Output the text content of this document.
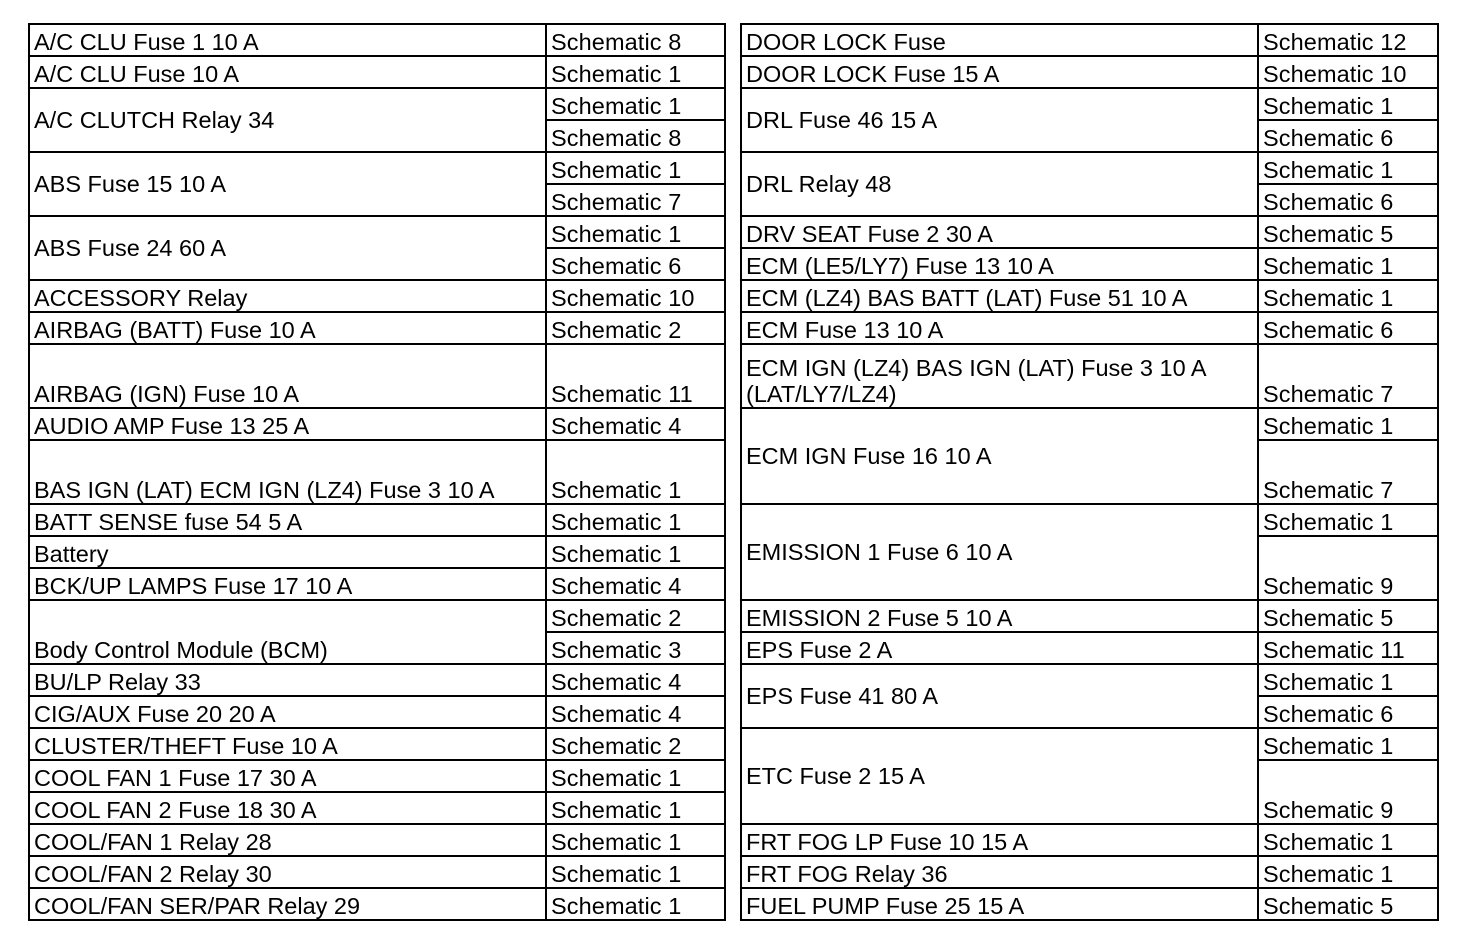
A/C CLU Fuse 1 10 A	Schematic 8
A/C CLU Fuse 10 A	Schematic 1
A/C CLUTCH Relay 34	Schematic 1
	Schematic 8
ABS Fuse 15 10 A	Schematic 1
	Schematic 7
ABS Fuse 24 60 A	Schematic 1
	Schematic 6
ACCESSORY Relay	Schematic 10
AIRBAG (BATT) Fuse 10 A	Schematic 2
AIRBAG (IGN) Fuse 10 A	Schematic 11
AUDIO AMP Fuse 13 25 A	Schematic 4
BAS IGN (LAT) ECM IGN (LZ4) Fuse 3 10 A	Schematic 1
BATT SENSE fuse 54 5 A	Schematic 1
Battery	Schematic 1
BCK/UP LAMPS Fuse 17 10 A	Schematic 4
Body Control Module (BCM)	Schematic 2
	Schematic 3
BU/LP Relay 33	Schematic 4
CIG/AUX Fuse 20 20 A	Schematic 4
CLUSTER/THEFT Fuse 10 A	Schematic 2
COOL FAN 1 Fuse 17 30 A	Schematic 1
COOL FAN 2 Fuse 18 30 A	Schematic 1
COOL/FAN 1 Relay 28	Schematic 1
COOL/FAN 2 Relay 30	Schematic 1
COOL/FAN SER/PAR Relay 29	Schematic 1
DOOR LOCK Fuse	Schematic 12
DOOR LOCK Fuse 15 A	Schematic 10
DRL Fuse 46 15 A	Schematic 1
	Schematic 6
DRL Relay 48	Schematic 1
	Schematic 6
DRV SEAT Fuse 2 30 A	Schematic 5
ECM (LE5/LY7) Fuse 13 10 A	Schematic 1
ECM (LZ4) BAS BATT (LAT) Fuse 51 10 A	Schematic 1
ECM Fuse 13 10 A	Schematic 6
ECM IGN (LZ4) BAS IGN (LAT) Fuse 3 10 A (LAT/LY7/LZ4)	Schematic 7
ECM IGN Fuse 16 10 A	Schematic 1
	Schematic 7
EMISSION 1 Fuse 6 10 A	Schematic 1
	Schematic 9
EMISSION 2 Fuse 5 10 A	Schematic 5
EPS Fuse 2 A	Schematic 11
EPS Fuse 41 80 A	Schematic 1
	Schematic 6
ETC Fuse 2 15 A	Schematic 1
	Schematic 9
FRT FOG LP Fuse 10 15 A	Schematic 1
FRT FOG Relay 36	Schematic 1
FUEL PUMP Fuse 25 15 A	Schematic 5
